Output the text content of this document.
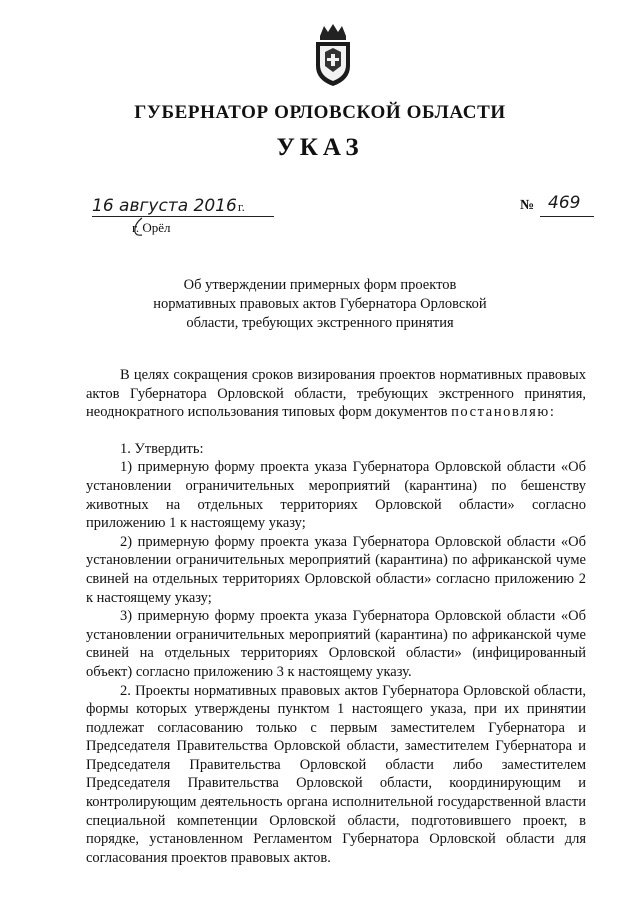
ГУБЕРНАТОР ОРЛОВСКОЙ ОБЛАСТИ
УКАЗ
16 августа 2016г.
г. Орёл
№ 469
Об утверждении примерных форм проектов
нормативных правовых актов Губернатора Орловской
области, требующих экстренного принятия

В целях сокращения сроков визирования проектов нормативных правовых актов Губернатора Орловской области, требующих экстренного принятия, неоднократного использования типовых форм документов постановляю:

1. Утвердить:

1) примерную форму проекта указа Губернатора Орловской области «Об установлении ограничительных мероприятий (карантина) по бешенству животных на отдельных территориях Орловской области» согласно приложению 1 к настоящему указу;

2) примерную форму проекта указа Губернатора Орловской области «Об установлении ограничительных мероприятий (карантина) по африканской чуме свиней на отдельных территориях Орловской области» согласно приложению 2 к настоящему указу;

3) примерную форму проекта указа Губернатора Орловской области «Об установлении ограничительных мероприятий (карантина) по африканской чуме свиней на отдельных территориях Орловской области» (инфицированный объект) согласно приложению 3 к настоящему указу.

2. Проекты нормативных правовых актов Губернатора Орловской области, формы которых утверждены пунктом 1 настоящего указа, при их принятии подлежат согласованию только с первым заместителем Губернатора и Председателя Правительства Орловской области, заместителем Губернатора и Председателя Правительства Орловской области либо заместителем Председателя Правительства Орловской области, координирующим и контролирующим деятельность органа исполнительной государственной власти специальной компетенции Орловской области, подготовившего проект, в порядке, установленном Регламентом Губернатора Орловской области для согласования проектов правовых актов.
